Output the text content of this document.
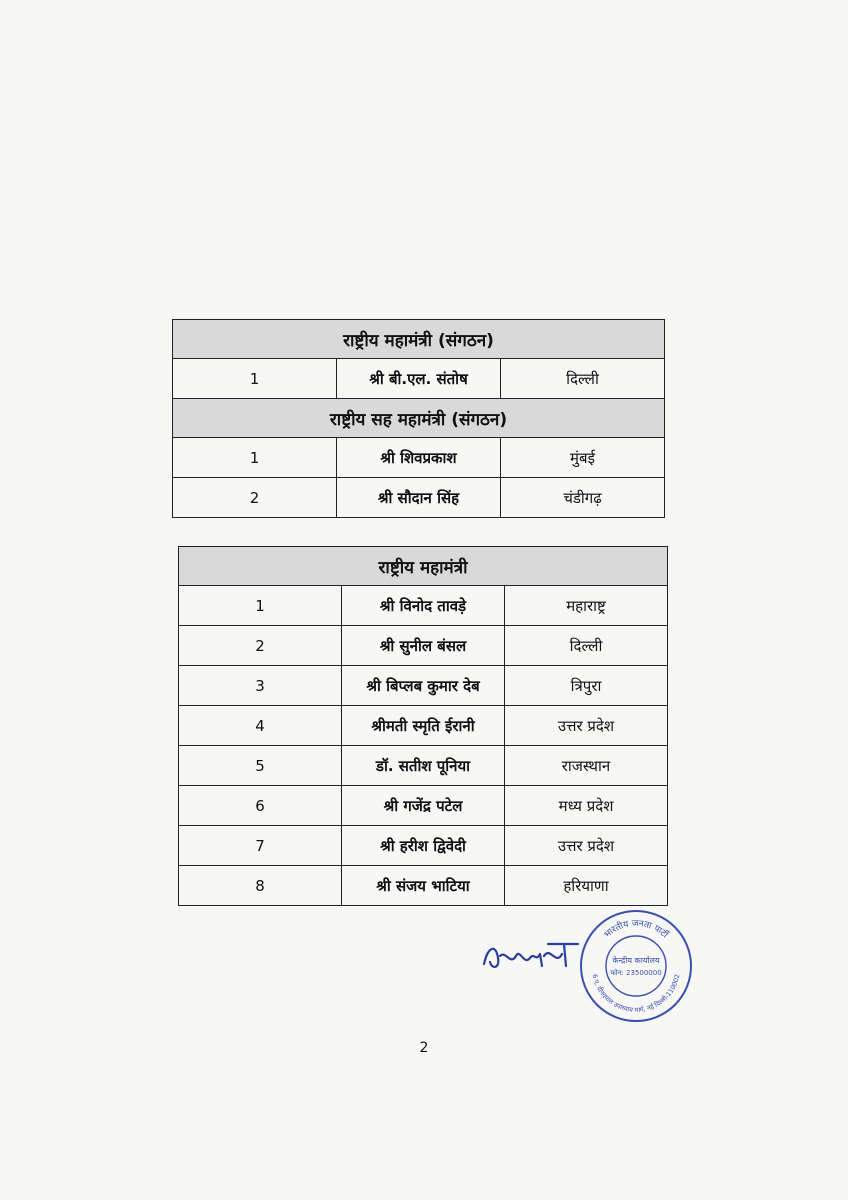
राष्ट्रीय महामंत्री (संगठन)		
1	श्री बी.एल. संतोष	दिल्ली
राष्ट्रीय सह महामंत्री (संगठन)		
1	श्री शिवप्रकाश	मुंबई
2	श्री सौदान सिंह	चंडीगढ़
राष्ट्रीय महामंत्री		
1	श्री विनोद तावड़े	महाराष्ट्र
2	श्री सुनील बंसल	दिल्ली
3	श्री बिप्लब कुमार देब	त्रिपुरा
4	श्रीमती स्मृति ईरानी	उत्तर प्रदेश
5	डॉ. सतीश पूनिया	राजस्थान
6	श्री गजेंद्र पटेल	मध्य प्रदेश
7	श्री हरीश द्विवेदी	उत्तर प्रदेश
8	श्री संजय भाटिया	हरियाणा
भारतीय जनता पार्टी
6 ए, दीनदयाल उपाध्याय मार्ग, नई दिल्ली-110002
केन्द्रीय कार्यालय
फोन: 23500000
2
